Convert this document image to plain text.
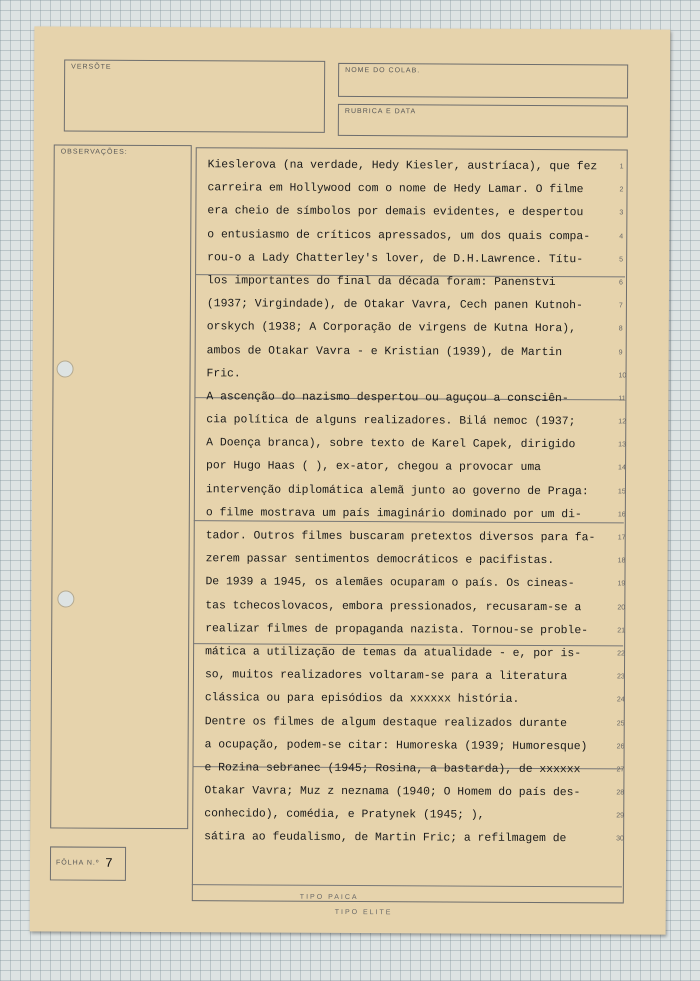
VERSÕTE	NOME DO COLAB.
RUBRICA E DATA
OBSERVAÇÕES:
Kieslerova (na verdade, Hedy Kiesler, austríaca), que fez
carreira em Hollywood com o nome de Hedy Lamar. O filme
era cheio de símbolos por demais evidentes, e despertou
o entusiasmo de críticos apressados, um dos quais compa-
rou-o a Lady Chatterley's lover, de D.H.Lawrence. Títu-
los importantes do final da década foram: Panenstvi
(1937; Virgindade), de Otakar Vavra, Cech panen Kutnoh-
orskych (1938; A Corporação de virgens de Kutna Hora),
ambos de Otakar Vavra - e Kristian (1939), de Martin
Fric.
A ascenção do nazismo despertou ou aguçou a consciên-
cia política de alguns realizadores. Bilá nemoc (1937;
A Doença branca), sobre texto de Karel Capek, dirigido
por Hugo Haas ( ), ex-ator, chegou a provocar uma
intervenção diplomática alemã junto ao governo de Praga:
o filme mostrava um país imaginário dominado por um di-
tador. Outros filmes buscaram pretextos diversos para fa-
zerem passar sentimentos democráticos e pacifistas.
De 1939 a 1945, os alemães ocuparam o país. Os cineas-
tas tchecoslovacos, embora pressionados, recusaram-se a
realizar filmes de propaganda nazista. Tornou-se proble-
mática a utilização de temas da atualidade - e, por is-
so, muitos realizadores voltaram-se para a literatura
clássica ou para episódios da xxxxxx história.
Dentre os filmes de algum destaque realizados durante
a ocupação, podem-se citar: Humoreska (1939; Humoresque)
e Rozina sebranec (1945; Rosina, a bastarda), de xxxxxx
Otakar Vavra; Muz z neznama (1940; O Homem do país des-
conhecido), comédia, e Pratynek (1945; ),
sátira ao feudalismo, de Martin Fric; a refilmagem de
1
2
3
4
5
6
7
8
9
10
11
12
13
14
15
16
17
18
19
20
21
22
23
24
25
26
27
28
29
30
FÔLHA N.º 7
TIPO PAICA
TIPO ELITE
